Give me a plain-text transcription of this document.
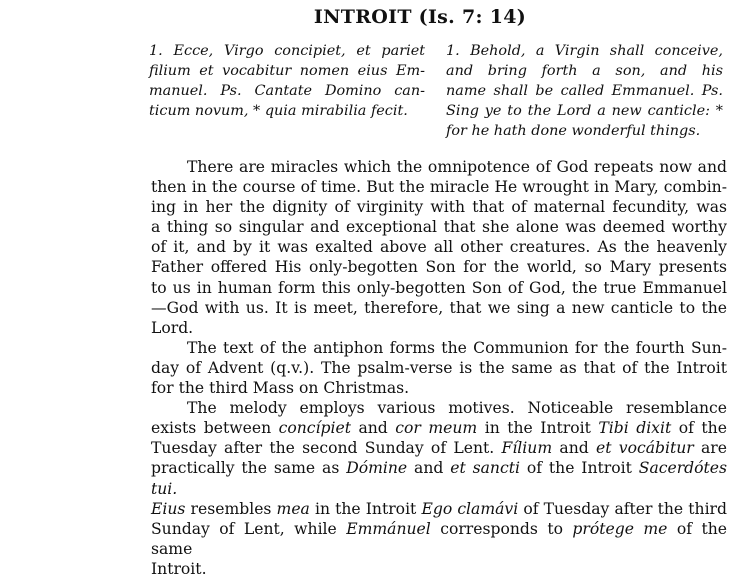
INTROIT (Is. 7: 14)
1. Ecce, Virgo concipiet, et pariet
filium et vocabitur nomen eius Em-
manuel. Ps. Cantate Domino can-
ticum novum, * quia mirabilia fecit.
1. Behold, a Virgin shall conceive,
and bring forth a son, and his
name shall be called Emmanuel. Ps.
Sing ye to the Lord a new canticle: *
for he hath done wonderful things.
There are miracles which the omnipotence of God repeats now and
then in the course of time. But the miracle He wrought in Mary, combin-
ing in her the dignity of virginity with that of maternal fecundity, was
a thing so singular and exceptional that she alone was deemed worthy
of it, and by it was exalted above all other creatures. As the heavenly
Father offered His only-begotten Son for the world, so Mary presents
to us in human form this only-begotten Son of God, the true Emmanuel
—God with us. It is meet, therefore, that we sing a new canticle to the
Lord.
The text of the antiphon forms the Communion for the fourth Sun-
day of Advent (q.v.). The psalm-verse is the same as that of the Introit
for the third Mass on Christmas.
The melody employs various motives. Noticeable resemblance
exists between concípiet and cor meum in the Introit Tibi dixit of the
Tuesday after the second Sunday of Lent. Fílium and et vocábitur are
practically the same as Dómine and et sancti of the Introit Sacerdótes tui.
Eius resembles mea in the Introit Ego clamávi of Tuesday after the third
Sunday of Lent, while Emmánuel corresponds to prótege me of the same
Introit.
